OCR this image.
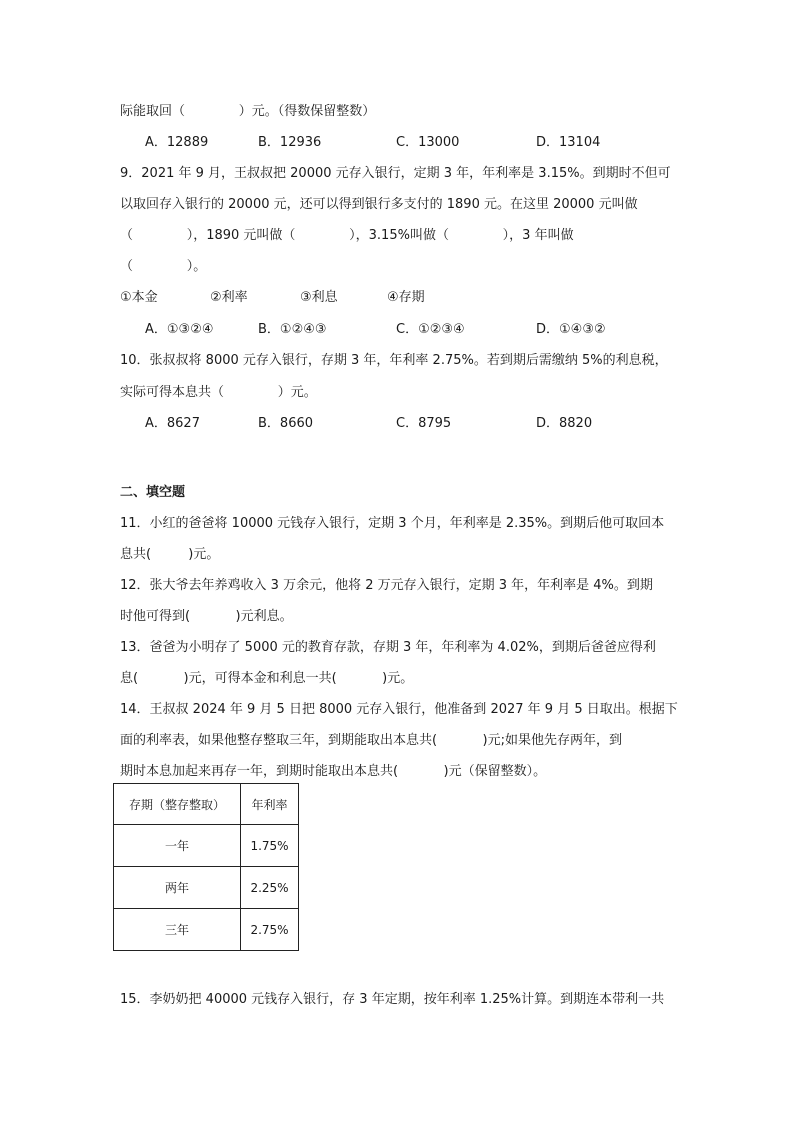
际能取回（             ）元。（得数保留整数）
A．12889	B．12936	C．13000	D．13104
9．2021 年 9 月，王叔叔把 20000 元存入银行，定期 3 年，年利率是 3.15%。到期时不但可
以取回存入银行的 20000 元，还可以得到银行多支付的 1890 元。在这里 20000 元叫做
（             ），1890 元叫做（             ），3.15%叫做（             ），3 年叫做
（             ）。
①本金	②利率	③利息	④存期
A．①③②④	B．①②④③	C．①②③④	D．①④③②
10．张叔叔将 8000 元存入银行，存期 3 年，年利率 2.75%。若到期后需缴纳 5%的利息税，
实际可得本息共（             ）元。
A．8627	B．8660	C．8795	D．8820
二、填空题
11．小红的爸爸将 10000 元钱存入银行，定期 3 个月，年利率是 2.35%。到期后他可取回本
息共(         )元。
12．张大爷去年养鸡收入 3 万余元，他将 2 万元存入银行，定期 3 年，年利率是 4%。到期
时他可得到(           )元利息。
13．爸爸为小明存了 5000 元的教育存款，存期 3 年，年利率为 4.02%，到期后爸爸应得利
息(           )元，可得本金和利息一共(           )元。
14．王叔叔 2024 年 9 月 5 日把 8000 元存入银行，他准备到 2027 年 9 月 5 日取出。根据下
面的利率表，如果他整存整取三年，到期能取出本息共(           )元;如果他先存两年，到
期时本息加起来再存一年，到期时能取出本息共(           )元（保留整数）。
存期（整存整取）	年利率
一年	1.75%
两年	2.25%
三年	2.75%
15．李奶奶把 40000 元钱存入银行，存 3 年定期，按年利率 1.25%计算。到期连本带利一共
